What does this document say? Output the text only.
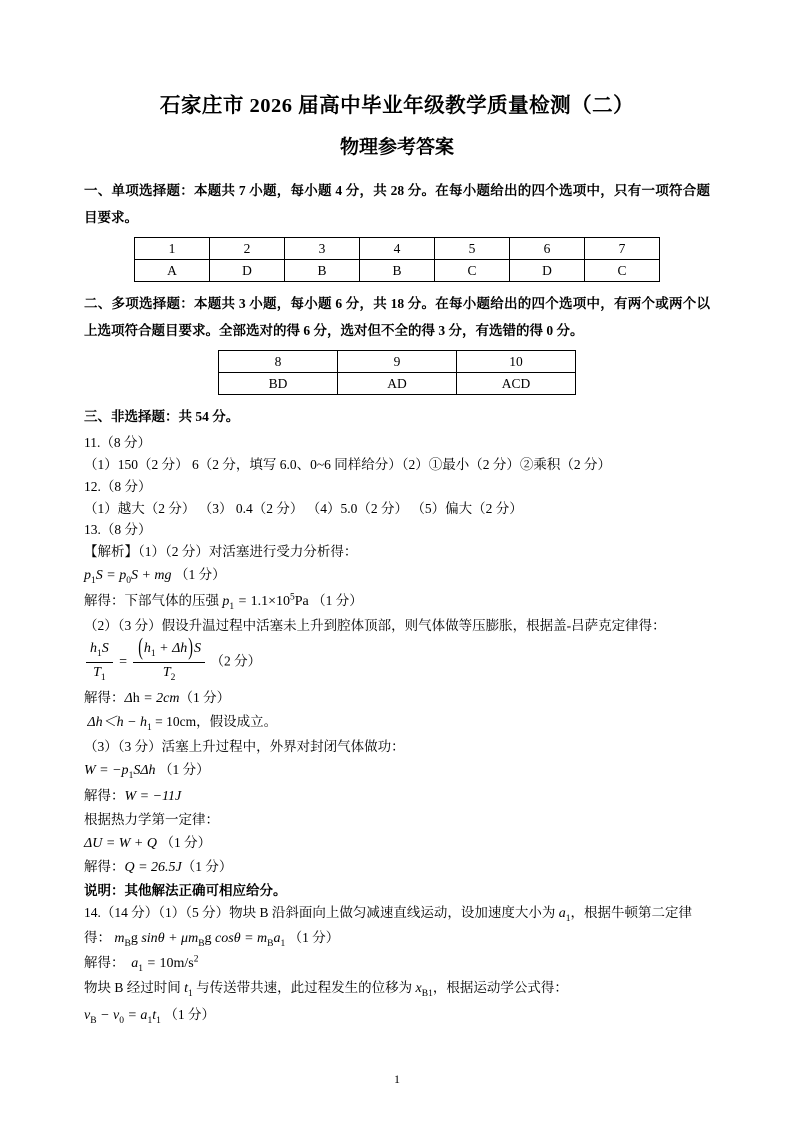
石家庄市 2026 届高中毕业年级教学质量检测（二）
物理参考答案

一、单项选择题：本题共 7 小题，每小题 4 分，共 28 分。在每小题给出的四个选项中，只有一项符合题目要求。

1	2	3	4	5	6	7
A	D	B	B	C	D	C

二、多项选择题：本题共 3 小题，每小题 6 分，共 18 分。在每小题给出的四个选项中，有两个或两个以上选项符合题目要求。全部选对的得 6 分，选对但不全的得 3 分，有选错的得 0 分。

8	9	10
BD	AD	ACD

三、非选择题：共 54 分。

11.（8 分）

（1）150（2 分） 6（2 分，填写 6.0、0~6 同样给分）（2）①最小（2 分）②乘积（2 分）

12.（8 分）

（1）越大（2 分） （3） 0.4（2 分） （4）5.0（2 分） （5）偏大（2 分）

13.（8 分）

【解析】（1）（2 分）对活塞进行受力分析得：

$p_1S = p_0S$ + mg （1 分）

解得：下部气体的压强 $p_1 = 1.1\times 10^5Pa$ （1 分）

（2）（3 分）假设升温过程中活塞未上升到腔体顶部，则气体做等压膨胀，根据盖-吕萨克定律得：

$\frac{h_1S}{T_1} = \frac{(h_1 + \Delta h)S}{T_2} (2$ 分）

解得：Δh = 2cm（1 分）

$\Delta h<h - h_1 = 10cm$，假设成立。

（3）（3 分）活塞上升过程中，外界对封闭气体做功：

$W = -p_1S\Delta h$ （1 分）

解得：W = −11J

根据热力学第一定律：

ΔU = W + Q （1 分）

解得：Q = 26.5J（1 分）

说明：其他解法正确可相应给分。

14.（14 分）（1）（5 分）物块 B 沿斜面向上做匀减速直线运动，设加速度大小为 $a_1$，根据牛顿第二定律得： $m_Bg$ $\sin\theta + \mu m_Bg$ $\cos\theta = m_Ba_1$ （1 分）

解得： $a_1 = 10m/s^2$

物块 B 经过时间 $t_1$ 与传送带共速，此过程发生的位移为 $x_{B1}$，根据运动学公式得：

$v_B - v_0 = a_1t_1$ （1 分）

1
